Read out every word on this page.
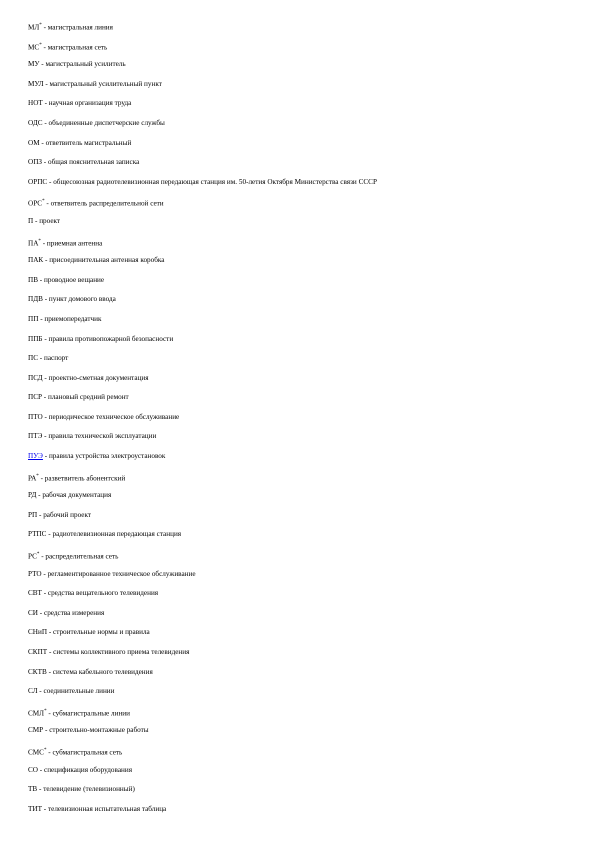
МЛ* - магистральная линия
МС* - магистральная сеть
МУ - магистральный усилитель
МУЛ - магистральный усилительный пункт
НОТ - научная организация труда
ОДС - объединенные диспетчерские службы
ОМ - ответвитель магистральный
ОПЗ - общая пояснительная записка
ОРПС - общесоюзная радиотелевизионная передающая станция им. 50-летия Октября Министерства связи СССР
ОРС* - ответвитель распределительной сети
П - проект
ПА* - приемная антенна
ПАК - присоединительная антенная коробка
ПВ - проводное вещание
ПДВ - пункт домового ввода
ПП - приемопередатчик
ППБ - правила противопожарной безопасности
ПС - паспорт
ПСД - проектно-сметная документация
ПСР - плановый средний ремонт
ПТО - периодическое техническое обслуживание
ПТЭ - правила технической эксплуатации
ПУЭ - правила устройства электроустановок
РА* - разветвитель абонентский
РД - рабочая документация
РП - рабочий проект
РТПС - радиотелевизионная передающая станция
РС* - распределительная сеть
РТО - регламентированное техническое обслуживание
СВТ - средства вещательного телевидения
СИ - средства измерения
СНиП - строительные нормы и правила
СКПТ - системы коллективного приема телевидения
СКТВ - система кабельного телевидения
СЛ - соединительные линии
СМЛ* - субмагистральные линии
СМР - строительно-монтажные работы
СМС* - субмагистральная сеть
СО - спецификация оборудования
ТВ - телевидение (телевизионный)
ТИТ - телевизионная испытательная таблица
